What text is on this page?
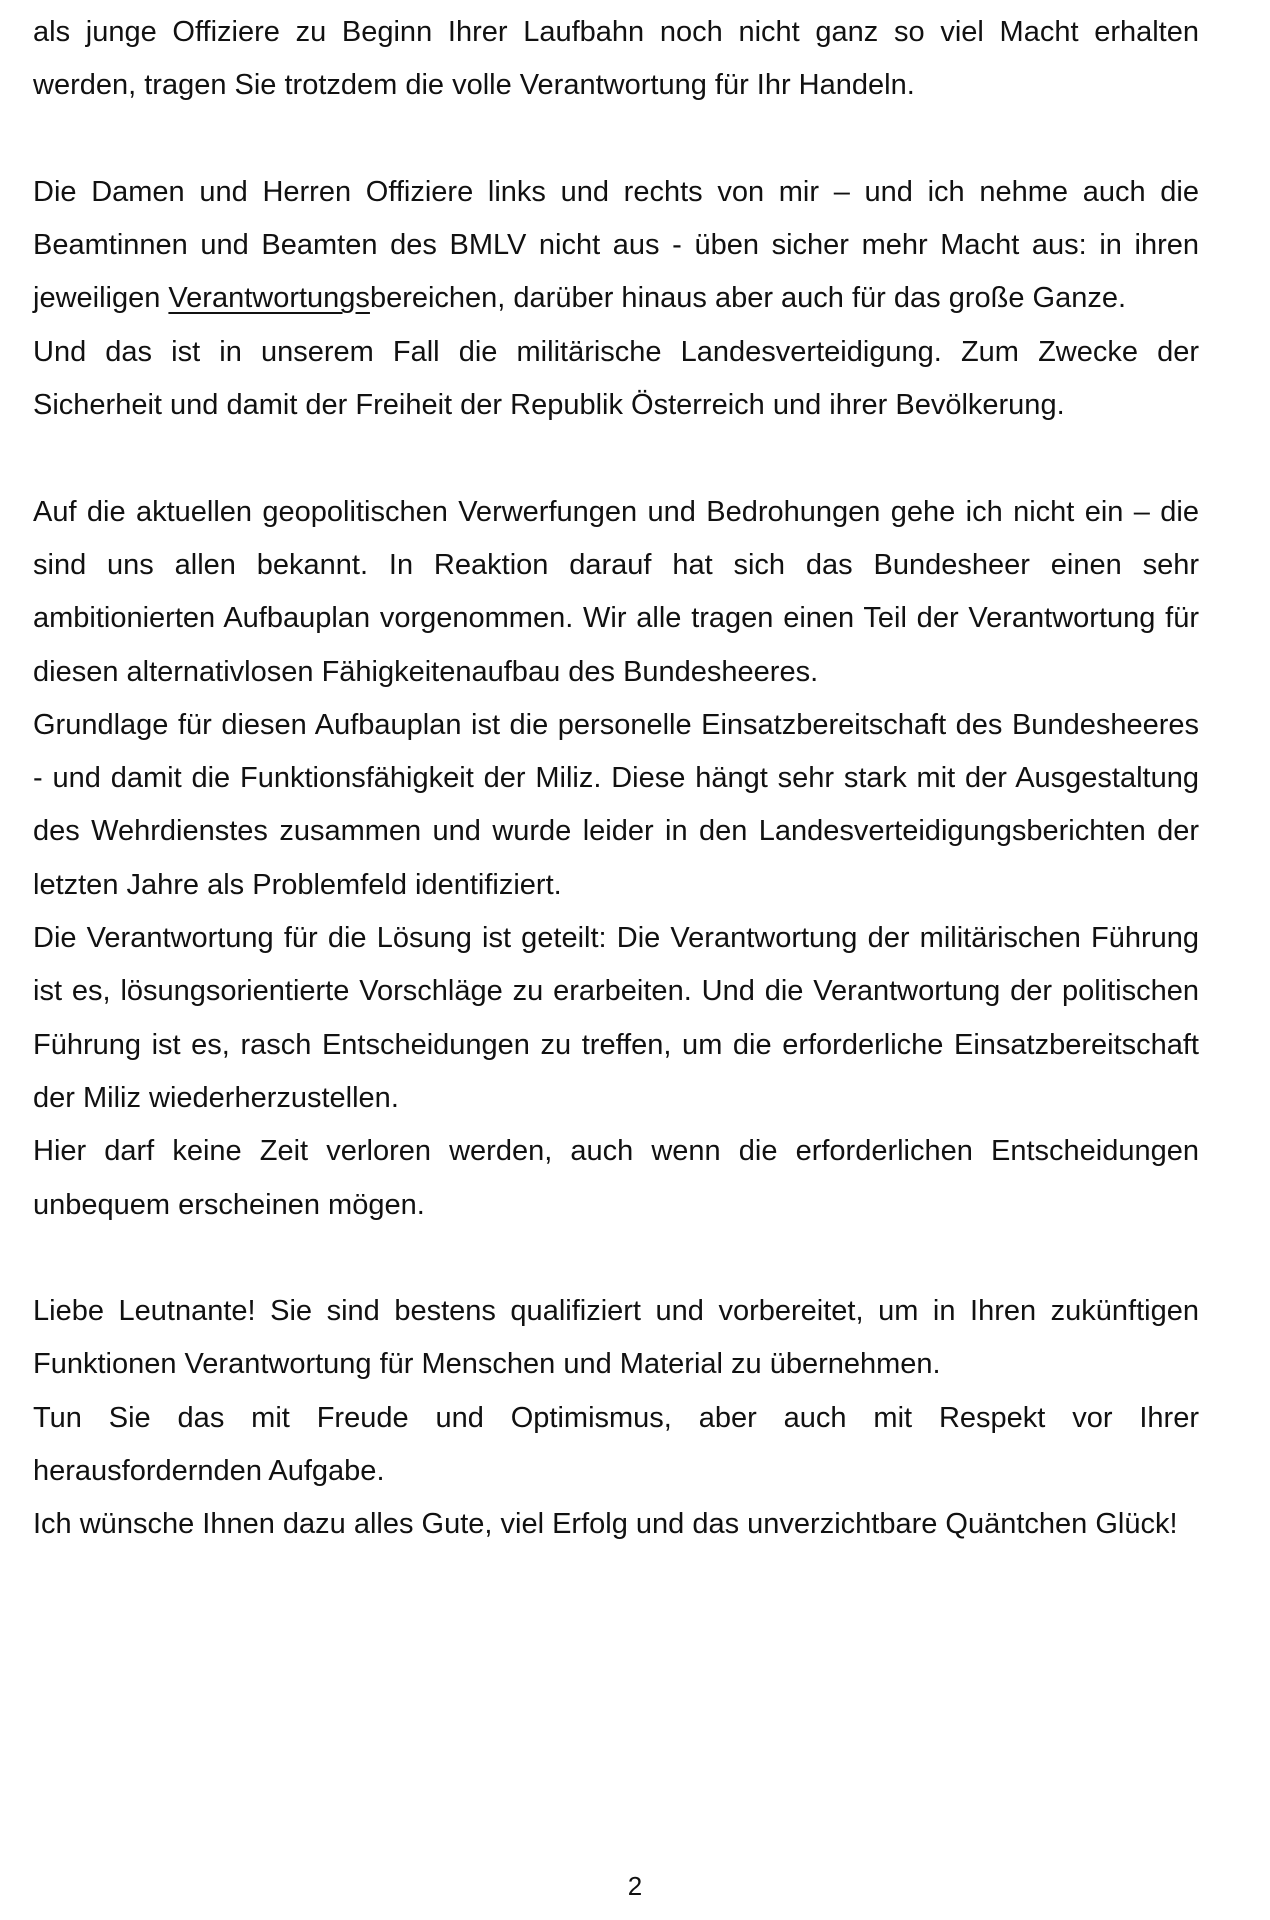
als junge Offiziere zu Beginn Ihrer Laufbahn noch nicht ganz so viel Macht erhalten werden, tragen Sie trotzdem die volle Verantwortung für Ihr Handeln.

Die Damen und Herren Offiziere links und rechts von mir – und ich nehme auch die Beamtinnen und Beamten des BMLV nicht aus - üben sicher mehr Macht aus: in ihren jeweiligen Verantwortungsbereichen, darüber hinaus aber auch für das große Ganze.

Und das ist in unserem Fall die militärische Landesverteidigung. Zum Zwecke der Sicherheit und damit der Freiheit der Republik Österreich und ihrer Bevölkerung.

Auf die aktuellen geopolitischen Verwerfungen und Bedrohungen gehe ich nicht ein – die sind uns allen bekannt. In Reaktion darauf hat sich das Bundesheer einen sehr ambitionierten Aufbauplan vorgenommen. Wir alle tragen einen Teil der Verantwortung für diesen alternativlosen Fähigkeitenaufbau des Bundesheeres.

Grundlage für diesen Aufbauplan ist die personelle Einsatzbereitschaft des Bundesheeres - und damit die Funktionsfähigkeit der Miliz. Diese hängt sehr stark mit der Ausgestaltung des Wehrdienstes zusammen und wurde leider in den Landesverteidigungsberichten der letzten Jahre als Problemfeld identifiziert.

Die Verantwortung für die Lösung ist geteilt: Die Verantwortung der militärischen Führung ist es, lösungsorientierte Vorschläge zu erarbeiten. Und die Verantwortung der politischen Führung ist es, rasch Entscheidungen zu treffen, um die erforderliche Einsatzbereitschaft der Miliz wiederherzustellen.

Hier darf keine Zeit verloren werden, auch wenn die erforderlichen Entscheidungen unbequem erscheinen mögen.

Liebe Leutnante! Sie sind bestens qualifiziert und vorbereitet, um in Ihren zukünftigen Funktionen Verantwortung für Menschen und Material zu übernehmen.

Tun Sie das mit Freude und Optimismus, aber auch mit Respekt vor Ihrer herausfordernden Aufgabe.

Ich wünsche Ihnen dazu alles Gute, viel Erfolg und das unverzichtbare Quäntchen Glück!

2
